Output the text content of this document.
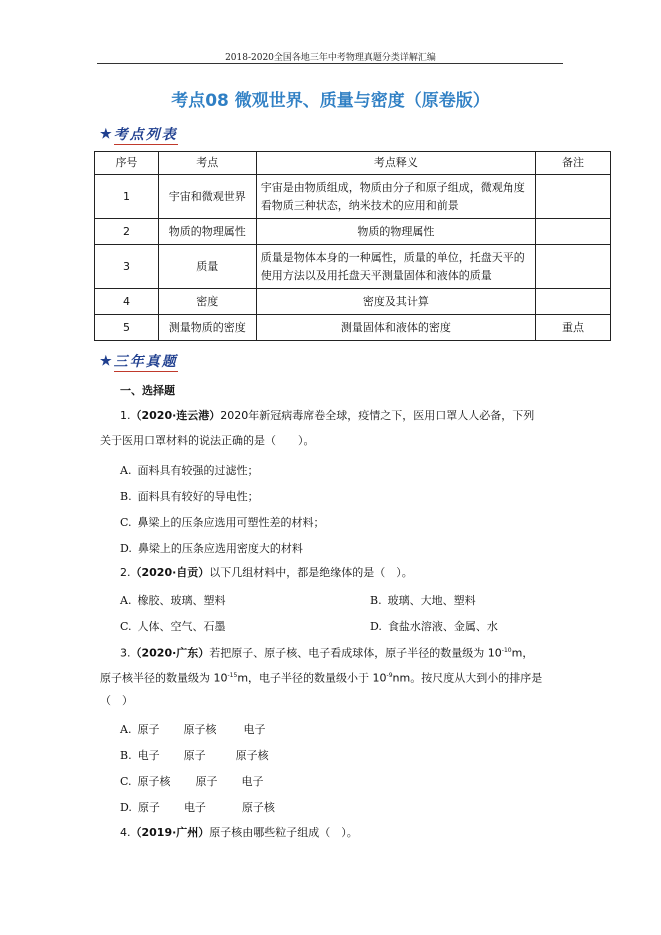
2018-2020全国各地三年中考物理真题分类详解汇编
考点08 微观世界、质量与密度（原卷版）
★ 考点列表
序号	考点	考点释义	备注
1	宇宙和微观世界	宇宙是由物质组成，物质由分子和原子组成，微观角度看物质三种状态，纳米技术的应用和前景	
2	物质的物理属性	物质的物理属性	
3	质量	质量是物体本身的一种属性，质量的单位，托盘天平的使用方法以及用托盘天平测量固体和液体的质量	
4	密度	密度及其计算	
5	测量物质的密度	测量固体和液体的密度	重点
★ 三年真题
一、选择题
1.（2020·连云港）2020年新冠病毒席卷全球，疫情之下，医用口罩人人必备，下列
关于医用口罩材料的说法正确的是（　　）。
A. 面料具有较强的过滤性；
B. 面料具有较好的导电性；
C. 鼻梁上的压条应选用可塑性差的材料；
D. 鼻梁上的压条应选用密度大的材料
2.（2020·自贡）以下几组材料中，都是绝缘体的是（　）。
A. 橡胶、玻璃、塑料	B. 玻璃、大地、塑料
C. 人体、空气、石墨	D. 食盐水溶液、金属、水
3.（2020·广东）若把原子、原子核、电子看成球体，原子半径的数量级为 $10^{-10}m$，
原子核半径的数量级为 $10^{-15}m$，电子半径的数量级小于 $10^{-9}nm$。按尺度从大到小的排序是
（　）
A. 原子 原子核 电子
B. 电子 原子	原子核
C. 原子核 原子 电子
D. 原子 电子	原子核
4.（2019·广州）原子核由哪些粒子组成（　）。
